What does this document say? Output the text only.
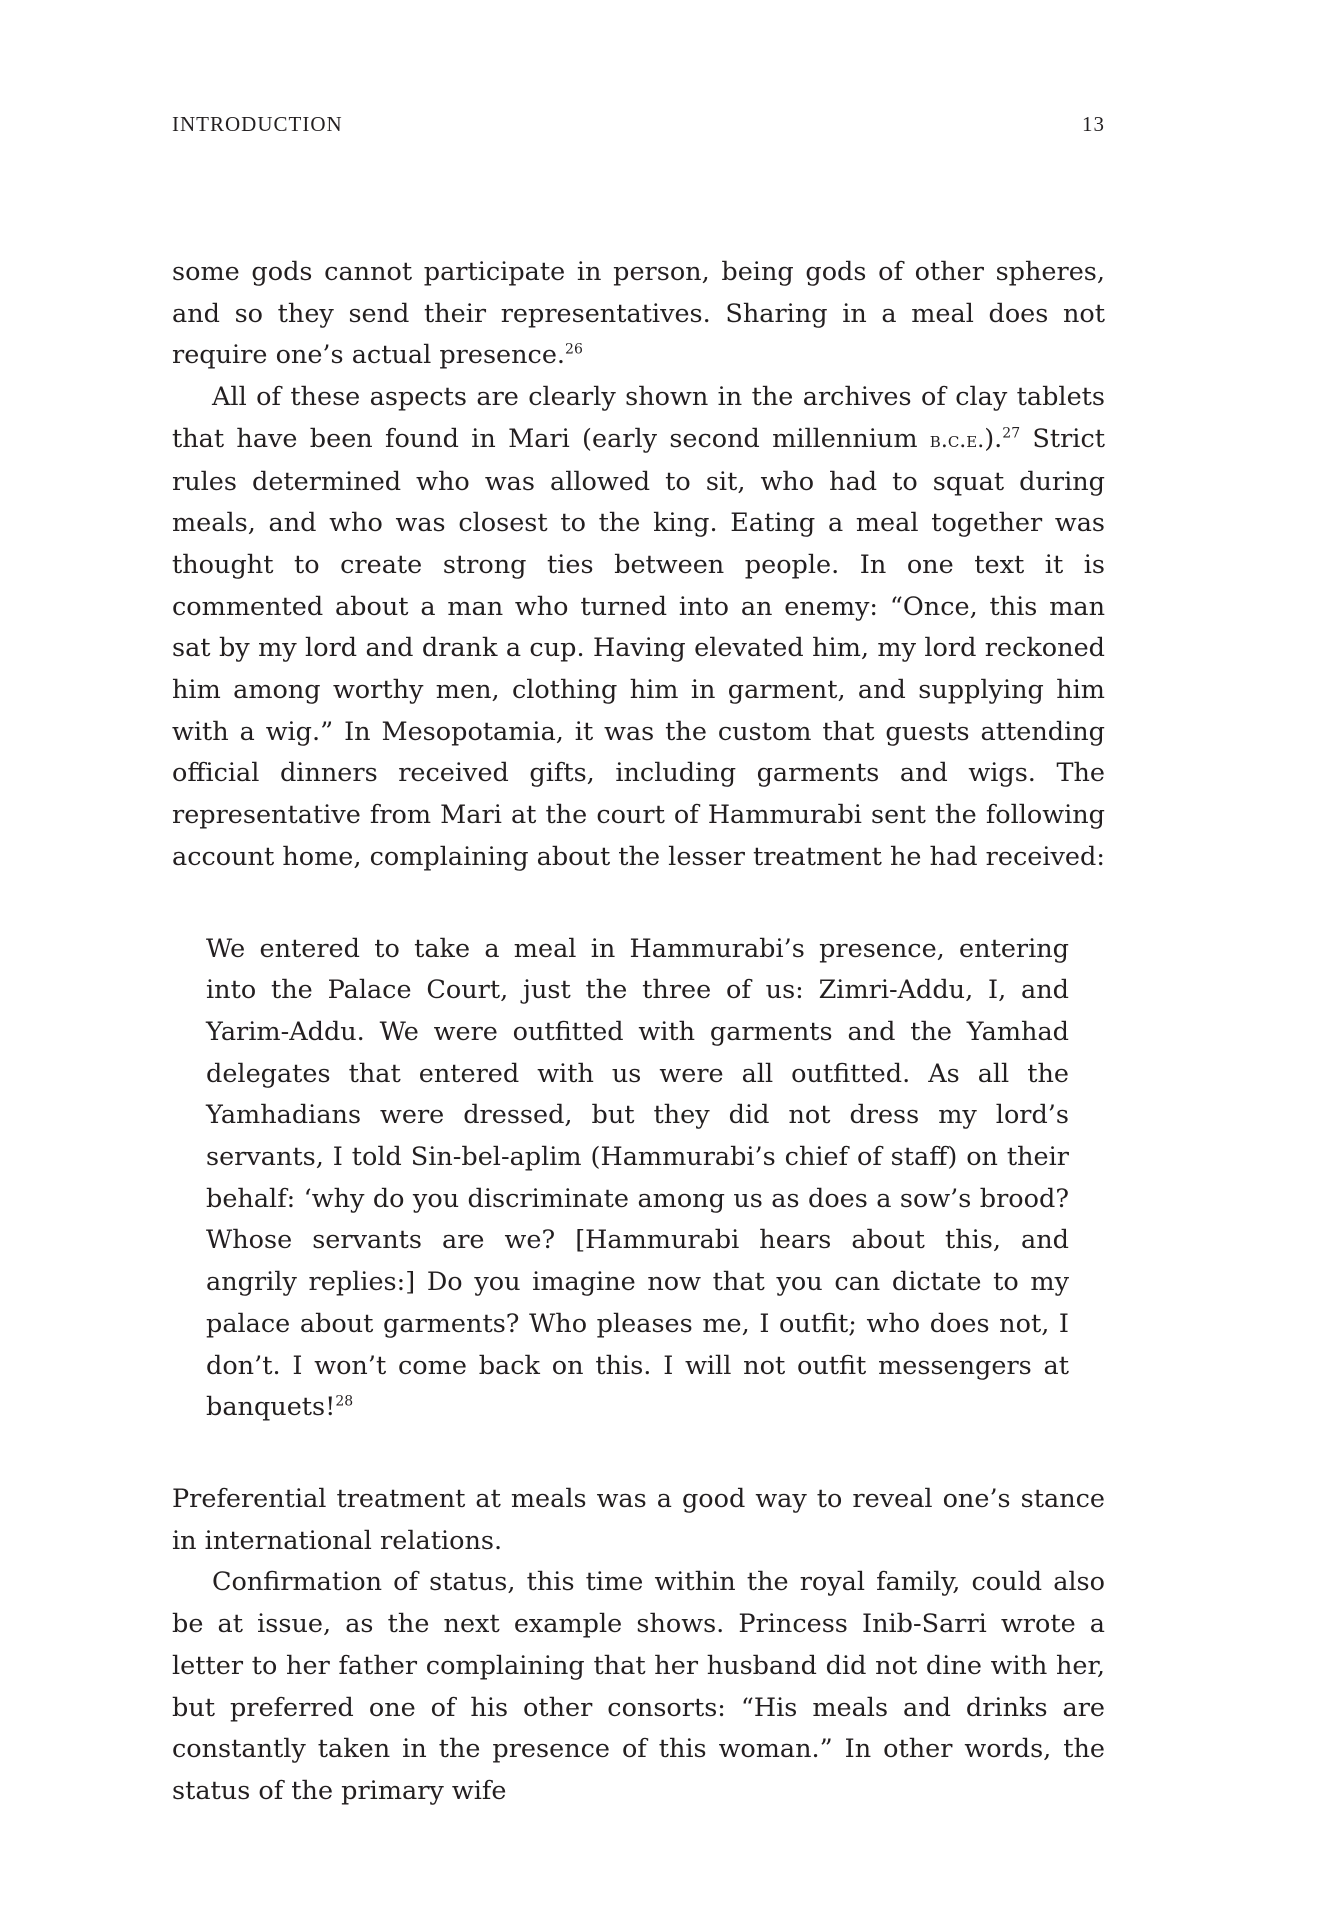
INTRODUCTION	13

some gods cannot participate in person, being gods of other spheres, and so they send their representatives. Sharing in a meal does not require one’s actual presence.$^{26}$

All of these aspects are clearly shown in the archives of clay tablets that have been found in Mari (early second millennium b.c.e.).$^{27}$ Strict rules determined who was allowed to sit, who had to squat during meals, and who was closest to the king. Eating a meal together was thought to create strong ties between people. In one text it is commented about a man who turned into an enemy: “Once, this man sat by my lord and drank a cup. Having elevated him, my lord reckoned him among worthy men, clothing him in garment, and supplying him with a wig.” In Mesopotamia, it was the custom that guests attending official dinners received gifts, including garments and wigs. The representative from Mari at the court of Hammurabi sent the following account home, complaining about the lesser treatment he had received:

We entered to take a meal in Hammurabi’s presence, entering into the Palace Court, just the three of us: Zimri-Addu, I, and Yarim-Addu. We were outfitted with garments and the Yamhad delegates that entered with us were all outfitted. As all the Yamhadians were dressed, but they did not dress my lord’s servants, I told Sin-bel-aplim (Hammurabi’s chief of staff) on their behalf: ‘why do you discriminate among us as does a sow’s brood? Whose servants are we? [Hammurabi hears about this, and angrily replies:] Do you imagine now that you can dictate to my palace about garments? Who pleases me, I outfit; who does not, I don’t. I won’t come back on this. I will not outfit messengers at banquets!$^{28}$

Preferential treatment at meals was a good way to reveal one’s stance in international relations.

Confirmation of status, this time within the royal family, could also be at issue, as the next example shows. Princess Inib-Sarri wrote a letter to her father complaining that her husband did not dine with her, but preferred one of his other consorts: “His meals and drinks are constantly taken in the presence of this woman.” In other words, the status of the primary wife
